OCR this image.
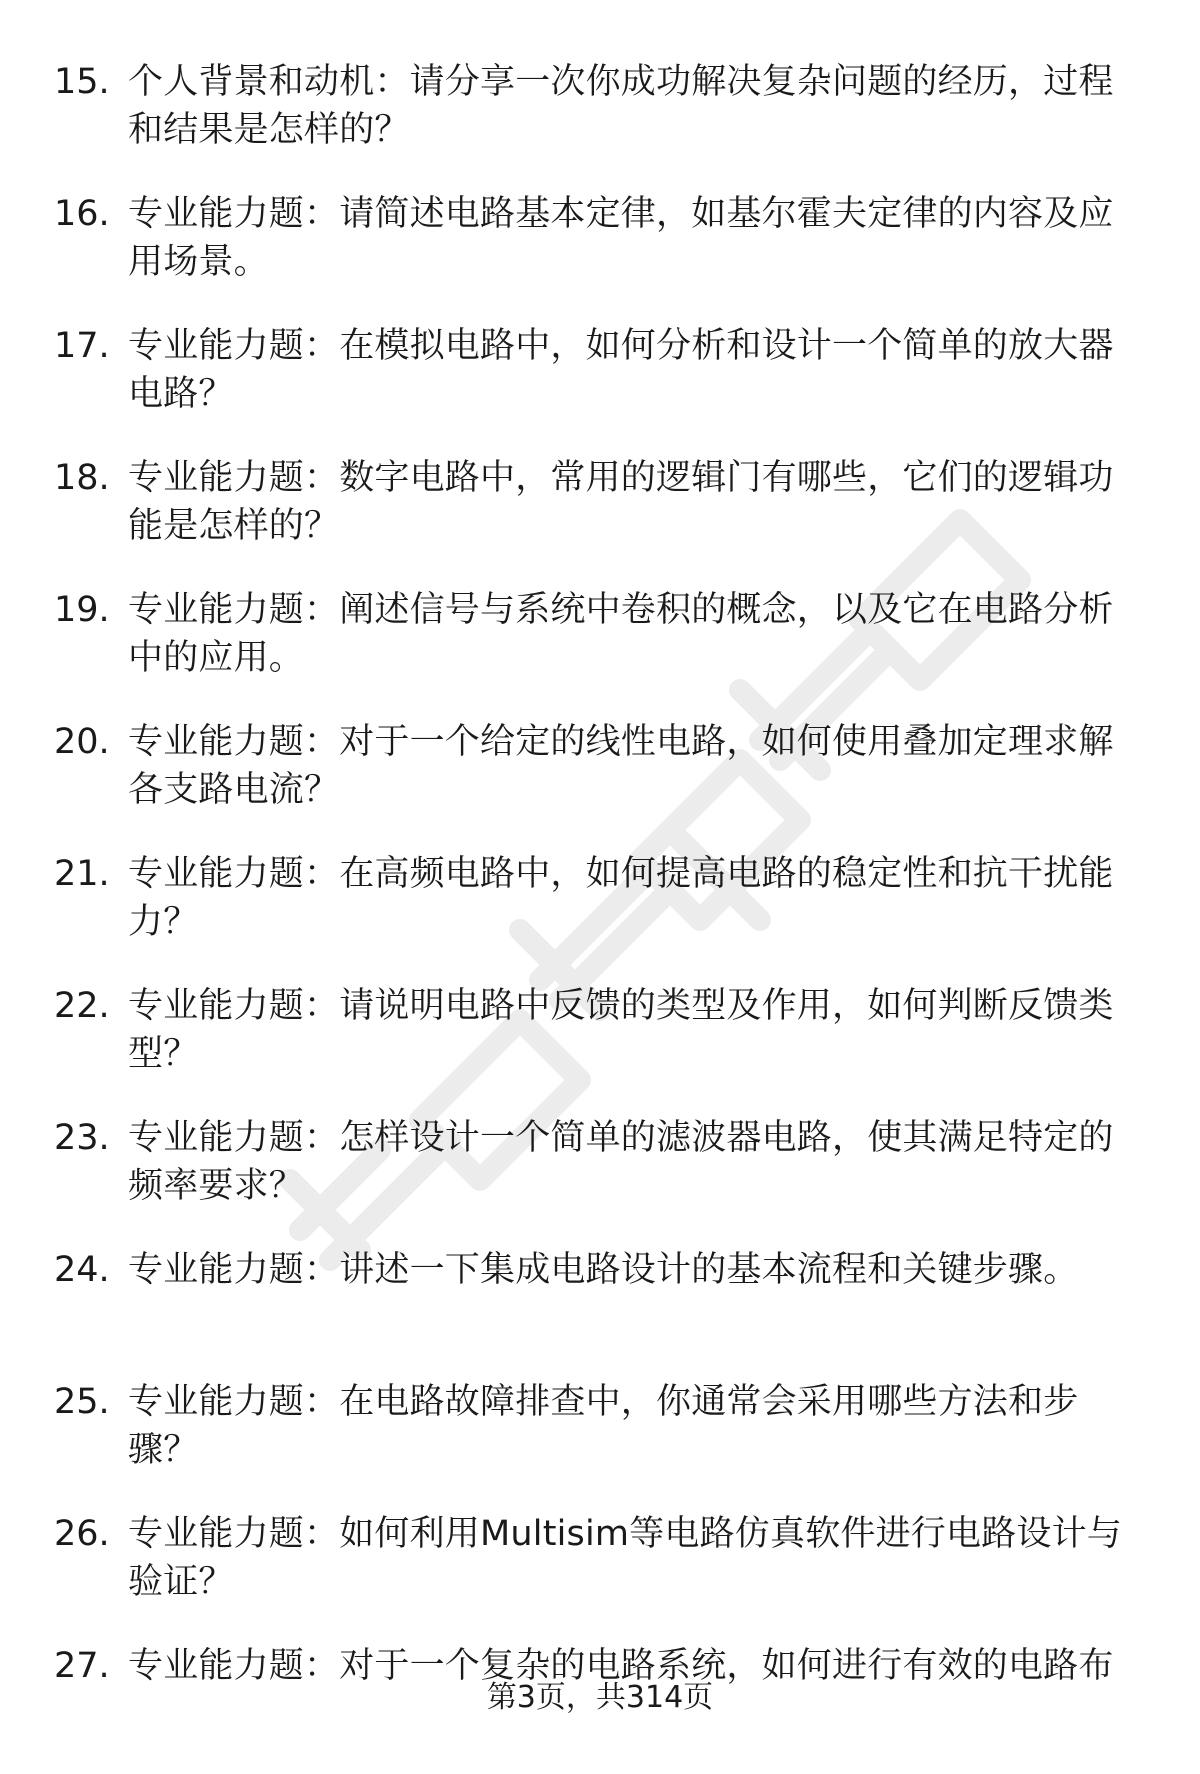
15. 个人背景和动机：请分享一次你成功解决复杂问题的经历，过程和结果是怎样的？
16. 专业能力题：请简述电路基本定律，如基尔霍夫定律的内容及应用场景。
17. 专业能力题：在模拟电路中，如何分析和设计一个简单的放大器电路？
18. 专业能力题：数字电路中，常用的逻辑门有哪些，它们的逻辑功能是怎样的？
19. 专业能力题：阐述信号与系统中卷积的概念，以及它在电路分析中的应用。
20. 专业能力题：对于一个给定的线性电路，如何使用叠加定理求解各支路电流？
21. 专业能力题：在高频电路中，如何提高电路的稳定性和抗干扰能力？
22. 专业能力题：请说明电路中反馈的类型及作用，如何判断反馈类型？
23. 专业能力题：怎样设计一个简单的滤波器电路，使其满足特定的频率要求？
24. 专业能力题：讲述一下集成电路设计的基本流程和关键步骤。
25. 专业能力题：在电路故障排查中，你通常会采用哪些方法和步骤？
26. 专业能力题：如何利用Multisim等电路仿真软件进行电路设计与验证？
27. 专业能力题：对于一个复杂的电路系统，如何进行有效的电路布
第3页，共314页
